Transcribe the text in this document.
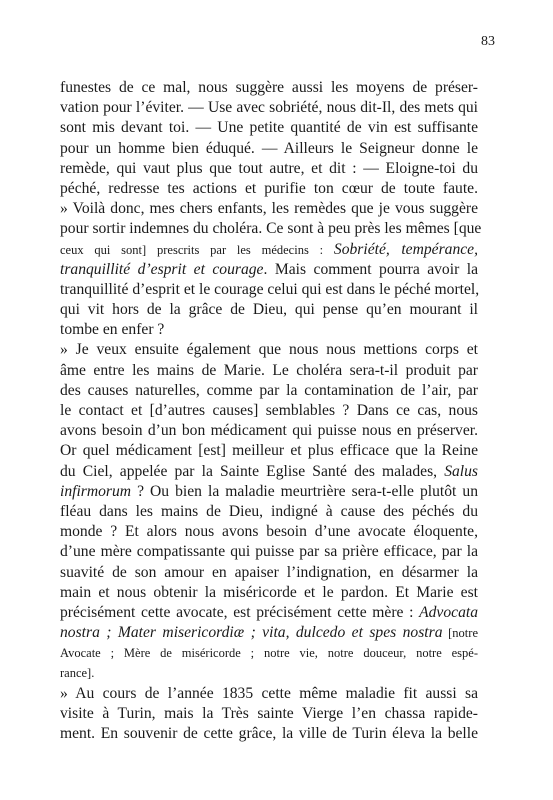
83
funestes de ce mal, nous suggère aussi les moyens de préser-
vation pour l’éviter. — Use avec sobriété, nous dit-Il, des mets qui
sont mis devant toi. — Une petite quantité de vin est suffisante
pour un homme bien éduqué. — Ailleurs le Seigneur donne le
remède, qui vaut plus que tout autre, et dit : — Eloigne-toi du
péché, redresse tes actions et purifie ton cœur de toute faute.
» Voilà donc, mes chers enfants, les remèdes que je vous suggère
pour sortir indemnes du choléra. Ce sont à peu près les mêmes [que
ceux qui sont] prescrits par les médecins : Sobriété, tempérance,
tranquillité d’esprit et courage. Mais comment pourra avoir la
tranquillité d’esprit et le courage celui qui est dans le péché mortel,
qui vit hors de la grâce de Dieu, qui pense qu’en mourant il
tombe en enfer ?
» Je veux ensuite également que nous nous mettions corps et
âme entre les mains de Marie. Le choléra sera-t-il produit par
des causes naturelles, comme par la contamination de l’air, par
le contact et [d’autres causes] semblables ? Dans ce cas, nous
avons besoin d’un bon médicament qui puisse nous en préserver.
Or quel médicament [est] meilleur et plus efficace que la Reine
du Ciel, appelée par la Sainte Eglise Santé des malades, Salus
infirmorum ? Ou bien la maladie meurtrière sera-t-elle plutôt un
fléau dans les mains de Dieu, indigné à cause des péchés du
monde ? Et alors nous avons besoin d’une avocate éloquente,
d’une mère compatissante qui puisse par sa prière efficace, par la
suavité de son amour en apaiser l’indignation, en désarmer la
main et nous obtenir la miséricorde et le pardon. Et Marie est
précisément cette avocate, est précisément cette mère : Advocata
nostra ; Mater misericordiæ ; vita, dulcedo et spes nostra [notre
Avocate ; Mère de miséricorde ; notre vie, notre douceur, notre espé-
rance].
» Au cours de l’année 1835 cette même maladie fit aussi sa
visite à Turin, mais la Très sainte Vierge l’en chassa rapide-
ment. En souvenir de cette grâce, la ville de Turin éleva la belle
